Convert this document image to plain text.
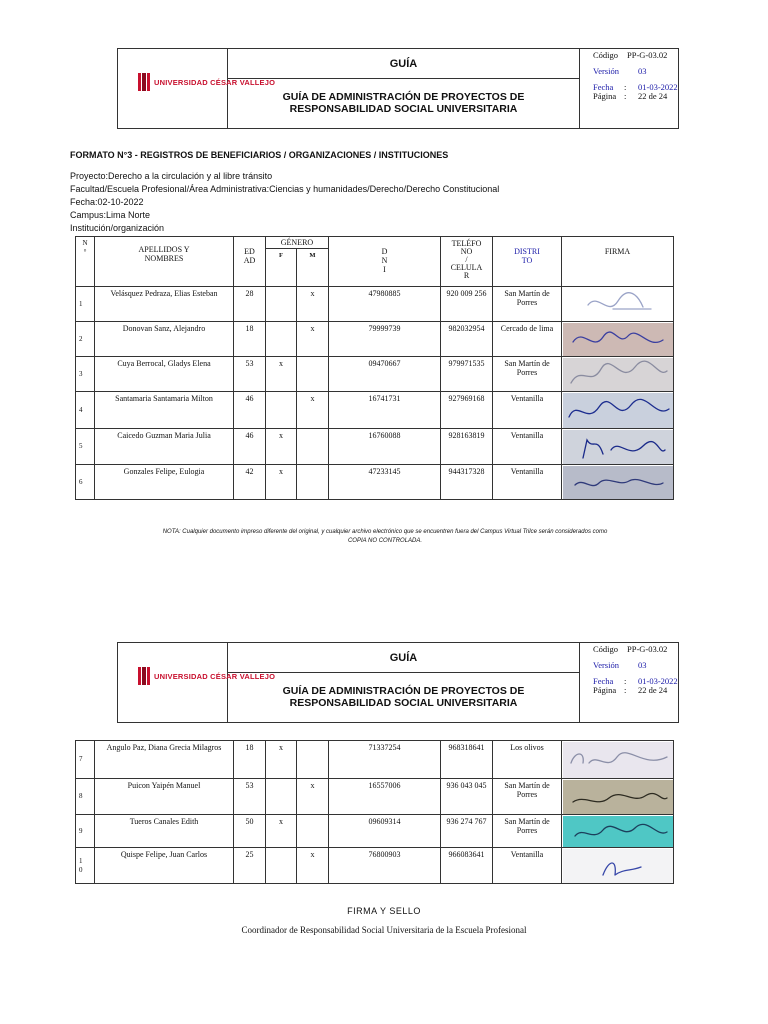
UNIVERSIDAD CÉSAR VALLEJO
GUÍA
GUÍA DE ADMINISTRACIÓN DE PROYECTOS DE RESPONSABILIDAD SOCIAL UNIVERSITARIA
Código	PP-G-03.02
Versión 03
Fecha	: 01-03-2022
Página : 22 de 24
FORMATO N°3 - REGISTROS DE BENEFICIARIOS / ORGANIZACIONES / INSTITUCIONES
Proyecto:Derecho a la circulación y al libre tránsito
Facultad/Escuela Profesional/Área Administrativa:Ciencias y humanidades/Derecho/Derecho Constitucional
Fecha:02-10-2022
Campus:Lima Norte
Institución/organización
N
°	APELLIDOS Y NOMBRES	ED
AD	GÉNERO		D
N
I	TELÉFO
NO
/
CELULA
R	DISTRI
TO	FIRMA
			F	M				
1	Velásquez Pedraza, Elias Esteban	28		x	47980885	920 009 256	San Martín de Porres	

2	Donovan Sanz, Alejandro	18		x	79999739	982032954	Cercado de lima	

3	Cuya Berrocal, Gladys Elena	53	x		09470667	979971535	San Martín de Porres	

4	Santamaria Santamaria Milton	46		x	16741731	927969168	Ventanilla	

5	Caicedo Guzman Maria Julia	46	x		16760088	928163819	Ventanilla	

6	Gonzales Felipe, Eulogia	42	x		47233145	944317328	Ventanilla	
NOTA: Cualquier documento impreso diferente del original, y cualquier archivo electrónico que se encuentren fuera del Campus Virtual Trilce serán considerados como COPIA NO CONTROLADA.
UNIVERSIDAD CÉSAR VALLEJO
GUÍA
GUÍA DE ADMINISTRACIÓN DE PROYECTOS DE RESPONSABILIDAD SOCIAL UNIVERSITARIA
Código	PP-G-03.02
Versión 03
Fecha	: 01-03-2022
Página : 22 de 24
7	Angulo Paz, Diana Grecia Milagros	18	x		71337254	968318641	Los olivos	

8	Puicon Yaipén Manuel	53		x	16557006	936 043 045	San Martín de Porres	

9	Tueros Canales Edith	50	x		09609314	936 274 767	San Martín de Porres	

1
0	Quispe Felipe, Juan Carlos	25		x	76800903	966083641	Ventanilla	
FIRMA Y SELLO
Coordinador de Responsabilidad Social Universitaria de la Escuela Profesional
